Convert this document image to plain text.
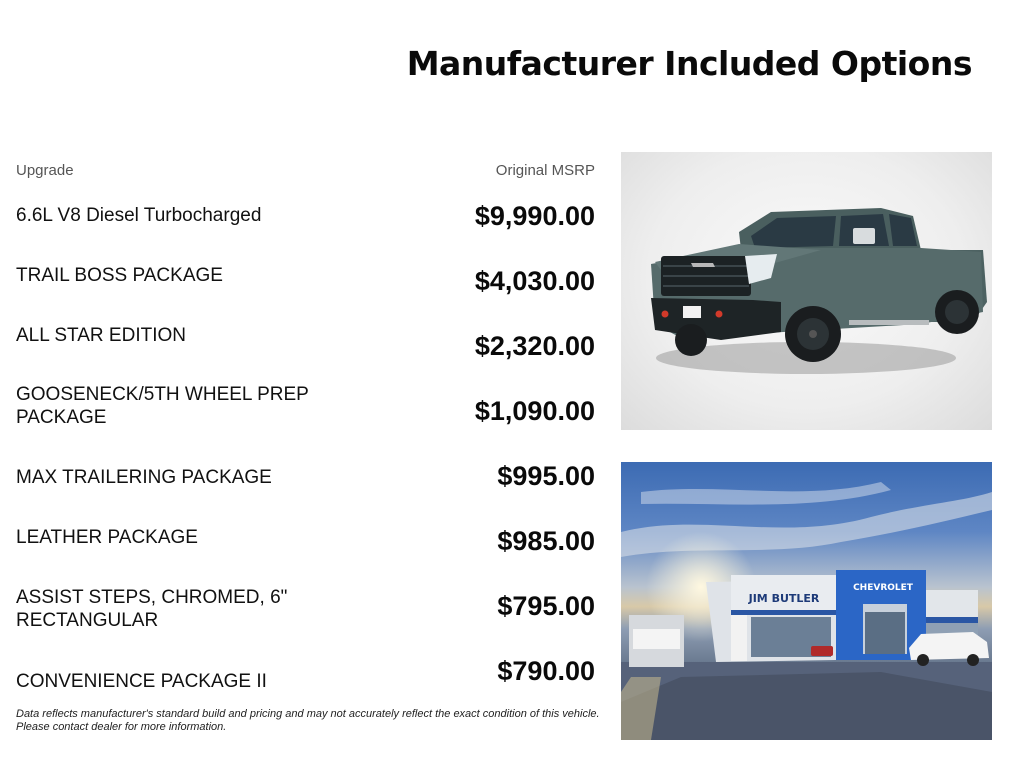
Manufacturer Included Options
Upgrade	Original MSRP
6.6L V8 Diesel Turbocharged	$9,990.00
TRAIL BOSS PACKAGE	$4,030.00
ALL STAR EDITION	$2,320.00
GOOSENECK/5TH WHEEL PREP PACKAGE	$1,090.00
MAX TRAILERING PACKAGE	$995.00
LEATHER PACKAGE	$985.00
ASSIST STEPS, CHROMED, 6" RECTANGULAR	$795.00
CONVENIENCE PACKAGE II	$790.00
Data reflects manufacturer's standard build and pricing and may not accurately reflect the exact condition of this vehicle.
Please contact dealer for more information.
JIM BUTLER
CHEVROLET
